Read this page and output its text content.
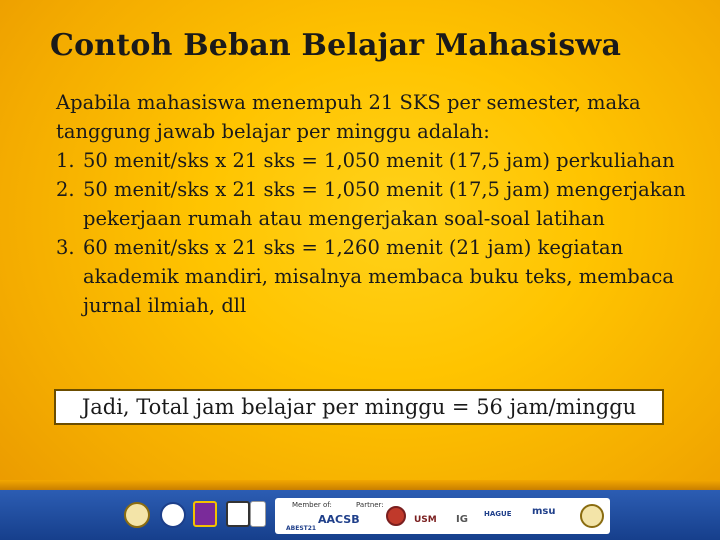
Contoh Beban Belajar Mahasiswa

Apabila mahasiswa menempuh 21 SKS per semester, maka tanggung jawab belajar per minggu adalah:

1. 50 menit/sks x 21 sks = 1,050 menit (17,5 jam) perkuliahan
2. 50 menit/sks x 21 sks = 1,050 menit (17,5 jam) mengerjakan pekerjaan rumah atau mengerjakan soal-soal latihan
3. 60 menit/sks x 21 sks = 1,260 menit (21 jam) kegiatan akademik mandiri, misalnya membaca buku teks, membaca jurnal ilmiah, dll
Jadi, Total jam belajar per minggu = 56 jam/minggu
Member of:	Partner:
AACSB
ABEST21
USM IG HAGUE msu
